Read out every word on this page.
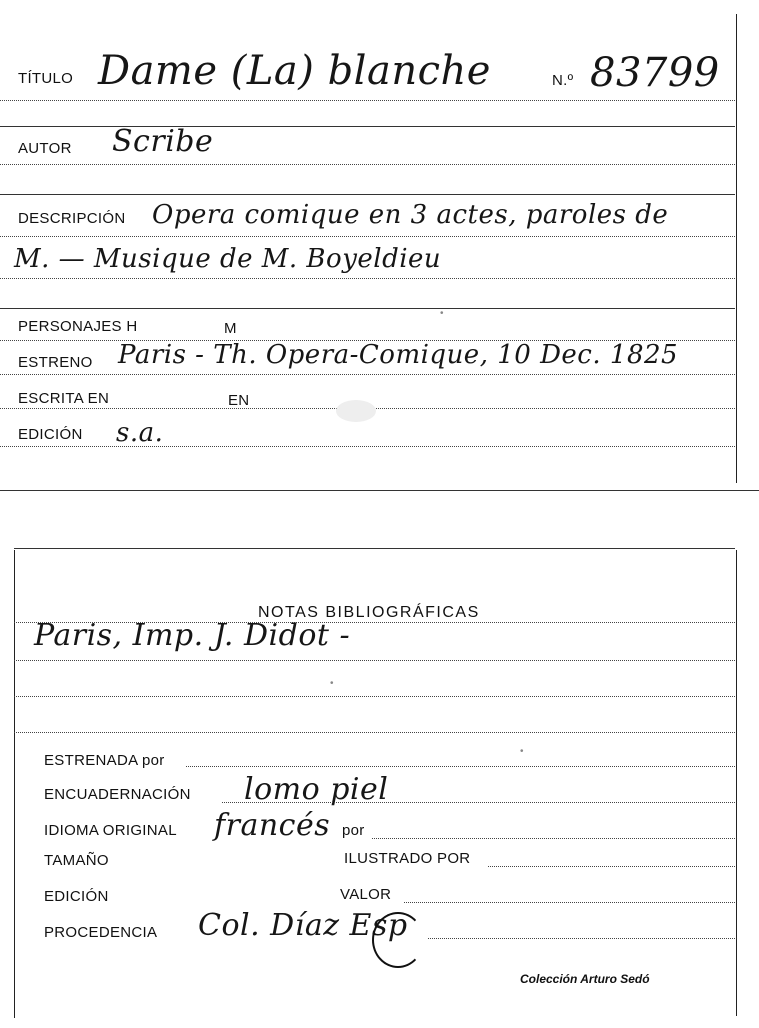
TÍTULO Dame (La) blanche	N.º 83799
AUTOR Scribe
DESCRIPCIÓN Opera comique en 3 actes, paroles de
M. — Musique de M. Boyeldieu
PERSONAJES H	M
ESTRENO Paris - Th. Opera-Comique, 10 Dec. 1825
ESCRITA EN	EN
EDICIÓN s.a.
•
NOTAS BIBLIOGRÁFICAS
Paris, Imp. J. Didot -
ESTRENADA por
ENCUADERNACIÓN lomo piel
IDIOMA ORIGINAL francés por
TAMAÑO	ILUSTRADO POR
EDICIÓN	VALOR
PROCEDENCIA Col. Díaz Esp
•
•
Colección Arturo Sedó
